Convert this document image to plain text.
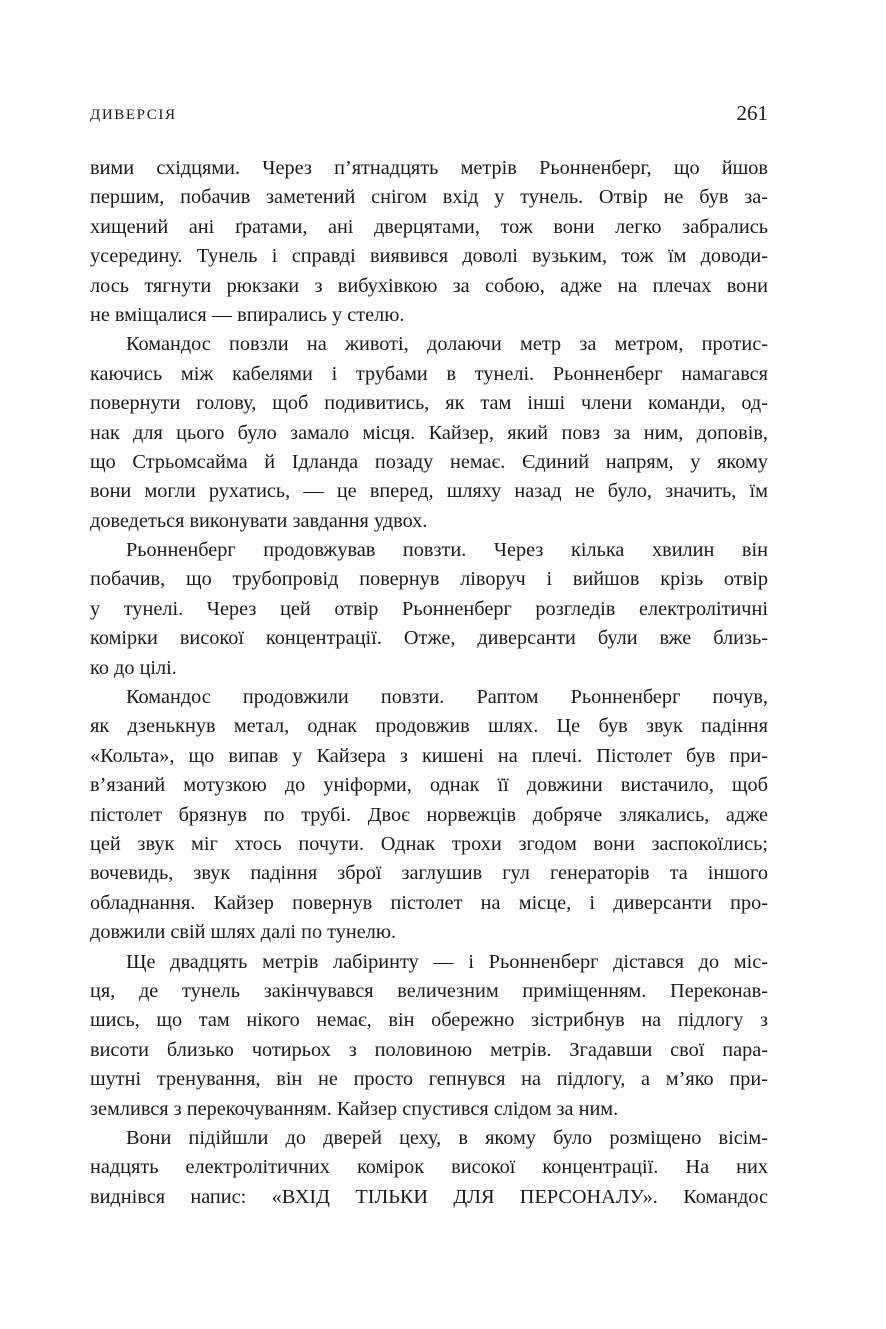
ДИВЕРСІЯ	261
вими східцями. Через п’ятнадцять метрів Рьонненберг, що йшов
першим, побачив заметений снігом вхід у тунель. Отвір не був за-
хищений ані ґратами, ані дверцятами, тож вони легко забрались
усередину. Тунель і справді виявився доволі вузьким, тож їм доводи-
лось тягнути рюкзаки з вибухівкою за собою, адже на плечах вони
не вміщалися — впирались у стелю.
Командос повзли на животі, долаючи метр за метром, протис-
каючись між кабелями і трубами в тунелі. Рьонненберг намагався
повернути голову, щоб подивитись, як там інші члени команди, од-
нак для цього було замало місця. Кайзер, який повз за ним, доповів,
що Стрьомсайма й Ідланда позаду немає. Єдиний напрям, у якому
вони могли рухатись, — це вперед, шляху назад не було, значить, їм
доведеться виконувати завдання удвох.
Рьонненберг продовжував повзти. Через кілька хвилин він
побачив, що трубопровід повернув ліворуч і вийшов крізь отвір
у тунелі. Через цей отвір Рьонненберг розгледів електролітичні
комірки високої концентрації. Отже, диверсанти були вже близь-
ко до цілі.
Командос продовжили повзти. Раптом Рьонненберг почув,
як дзенькнув метал, однак продовжив шлях. Це був звук падіння
«Кольта», що випав у Кайзера з кишені на плечі. Пістолет був при-
в’язаний мотузкою до уніформи, однак її довжини вистачило, щоб
пістолет брязнув по трубі. Двоє норвежців добряче злякались, адже
цей звук міг хтось почути. Однак трохи згодом вони заспокоїлись;
вочевидь, звук падіння зброї заглушив гул генераторів та іншого
обладнання. Кайзер повернув пістолет на місце, і диверсанти про-
довжили свій шлях далі по тунелю.
Ще двадцять метрів лабіринту — і Рьонненберг дістався до міс-
ця, де тунель закінчувався величезним приміщенням. Переконав-
шись, що там нікого немає, він обережно зістрибнув на підлогу з
висоти близько чотирьох з половиною метрів. Згадавши свої пара-
шутні тренування, він не просто гепнувся на підлогу, а м’яко при-
землився з перекочуванням. Кайзер спустився слідом за ним.
Вони підійшли до дверей цеху, в якому було розміщено вісім-
надцять електролітичних комірок високої концентрації. На них
виднівся напис: «ВХІД ТІЛЬКИ ДЛЯ ПЕРСОНАЛУ». Командос
